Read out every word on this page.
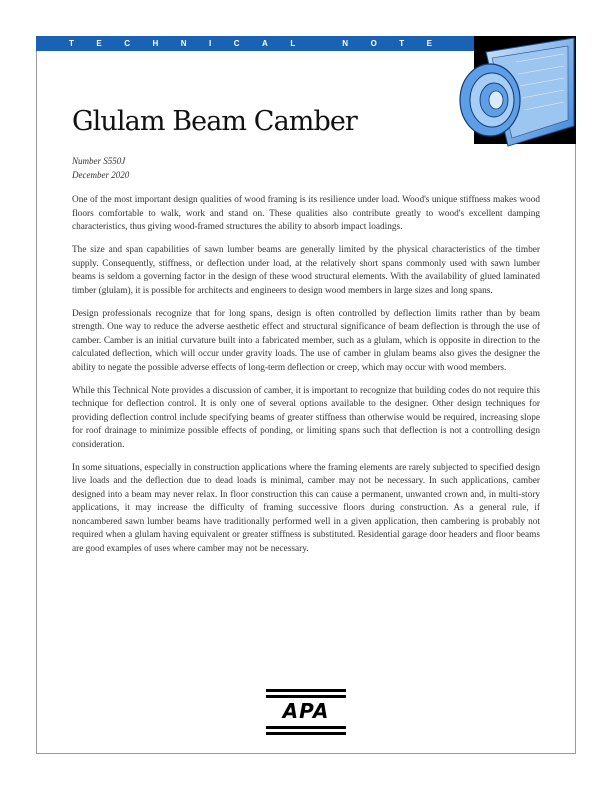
TECHNICAL NOTE
Glulam Beam Camber
Number S550J
December 2020

One of the most important design qualities of wood framing is its resilience under load. Wood's unique stiffness makes wood floors comfortable to walk, work and stand on. These qualities also contribute greatly to wood's excellent damping characteristics, thus giving wood-framed structures the ability to absorb impact loadings.

The size and span capabilities of sawn lumber beams are generally limited by the physical characteristics of the timber supply. Consequently, stiffness, or deflection under load, at the relatively short spans commonly used with sawn lumber beams is seldom a governing factor in the design of these wood structural elements. With the availability of glued laminated timber (glulam), it is possible for architects and engineers to design wood members in large sizes and long spans.

Design professionals recognize that for long spans, design is often controlled by deflection limits rather than by beam strength. One way to reduce the adverse aesthetic effect and structural significance of beam deflection is through the use of camber. Camber is an initial curvature built into a fabricated member, such as a glulam, which is opposite in direction to the calculated deflection, which will occur under gravity loads. The use of camber in glulam beams also gives the designer the ability to negate the possible adverse effects of long-term deflection or creep, which may occur with wood members.

While this Technical Note provides a discussion of camber, it is important to recognize that building codes do not require this technique for deflection control. It is only one of several options available to the designer. Other design techniques for providing deflection control include specifying beams of greater stiffness than otherwise would be required, increasing slope for roof drainage to minimize possible effects of ponding, or limiting spans such that deflection is not a controlling design consideration.

In some situations, especially in construction applications where the framing elements are rarely subjected to specified design live loads and the deflection due to dead loads is minimal, camber may not be necessary. In such applications, camber designed into a beam may never relax. In floor construction this can cause a permanent, unwanted crown and, in multi-story applications, it may increase the difficulty of framing successive floors during construction. As a general rule, if noncambered sawn lumber beams have traditionally performed well in a given application, then cambering is probably not required when a glulam having equivalent or greater stiffness is substituted. Residential garage door headers and floor beams are good examples of uses where camber may not be necessary.

APA
